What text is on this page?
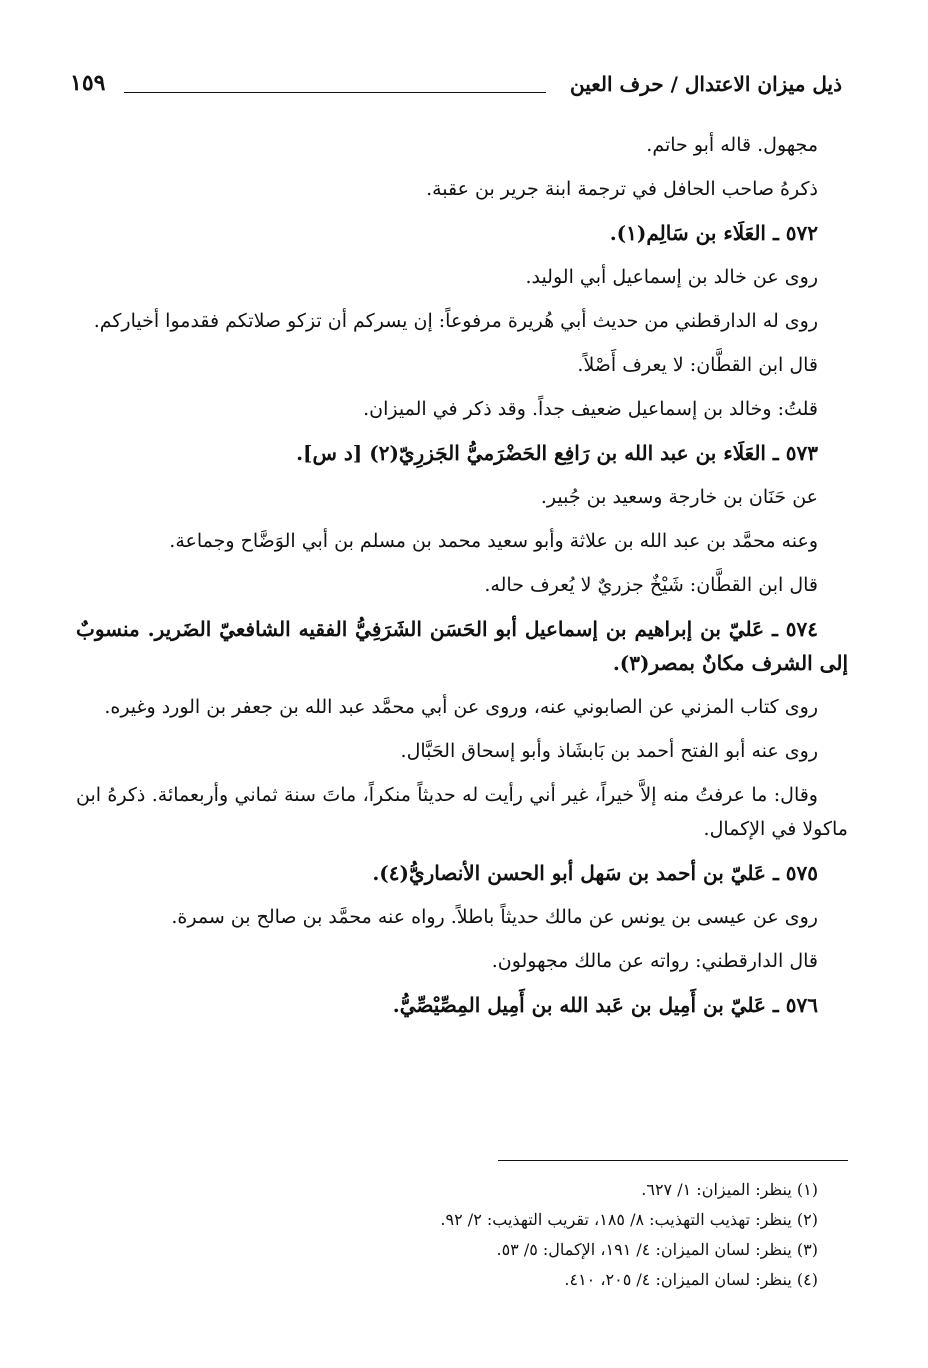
ذيل ميزان الاعتدال / حرف العين
١٥٩

مجهول. قاله أبو حاتم.

ذكرهُ صاحب الحافل في ترجمة ابنة جرير بن عقبة.

٥٧٢ ـ العَلَاء بن سَالِم(١).

روى عن خالد بن إسماعيل أبي الوليد.

روى له الدارقطني من حديث أبي هُريرة مرفوعاً: إن يسركم أن تزكو صلاتكم فقدموا أخياركم.

قال ابن القطَّان: لا يعرف أَصْلاً.

قلتُ: وخالد بن إسماعيل ضعيف جداً. وقد ذكر في الميزان.

٥٧٣ ـ العَلَاء بن عبد الله بن رَافِع الحَضْرَميُّ الجَزرِيّ(٢) [د س].

عن حَنَان بن خارجة وسعيد بن جُبير.

وعنه محمَّد بن عبد الله بن علاثة وأبو سعيد محمد بن مسلم بن أبي الوَضَّاح وجماعة.

قال ابن القطَّان: شَيْخٌ جزريٌ لا يُعرف حاله.

٥٧٤ ـ عَليّ بن إبراهيم بن إسماعيل أبو الحَسَن الشَرَفِيُّ الفقيه الشافعيّ الضَرير. منسوبٌ إلى الشرف مكانٌ بمصر(٣).

روى كتاب المزني عن الصابوني عنه، وروى عن أبي محمَّد عبد الله بن جعفر بن الورد وغيره.

روى عنه أبو الفتح أحمد بن بَابشَاذ وأبو إسحاق الحَبَّال.

وقال: ما عرفتُ منه إلاَّ خيراً، غير أني رأيت له حديثاً منكراً، ماتَ سنة ثماني وأربعمائة. ذكرهُ ابن ماكولا في الإكمال.

٥٧٥ ـ عَليّ بن أحمد بن سَهل أبو الحسن الأنصاريُّ(٤).

روى عن عيسى بن يونس عن مالك حديثاً باطلاً. رواه عنه محمَّد بن صالح بن سمرة.

قال الدارقطني: رواته عن مالك مجهولون.

٥٧٦ ـ عَليّ بن أَمِيل بن عَبد الله بن أَمِيل المِصِّيْصِّيُّ.

(١) ينظر: الميزان: ١/ ٦٢٧.

(٢) ينظر: تهذيب التهذيب: ٨/ ١٨٥، تقريب التهذيب: ٢/ ٩٢.

(٣) ينظر: لسان الميزان: ٤/ ١٩١، الإكمال: ٥/ ٥٣.

(٤) ينظر: لسان الميزان: ٤/ ٢٠٥، ٤١٠.
